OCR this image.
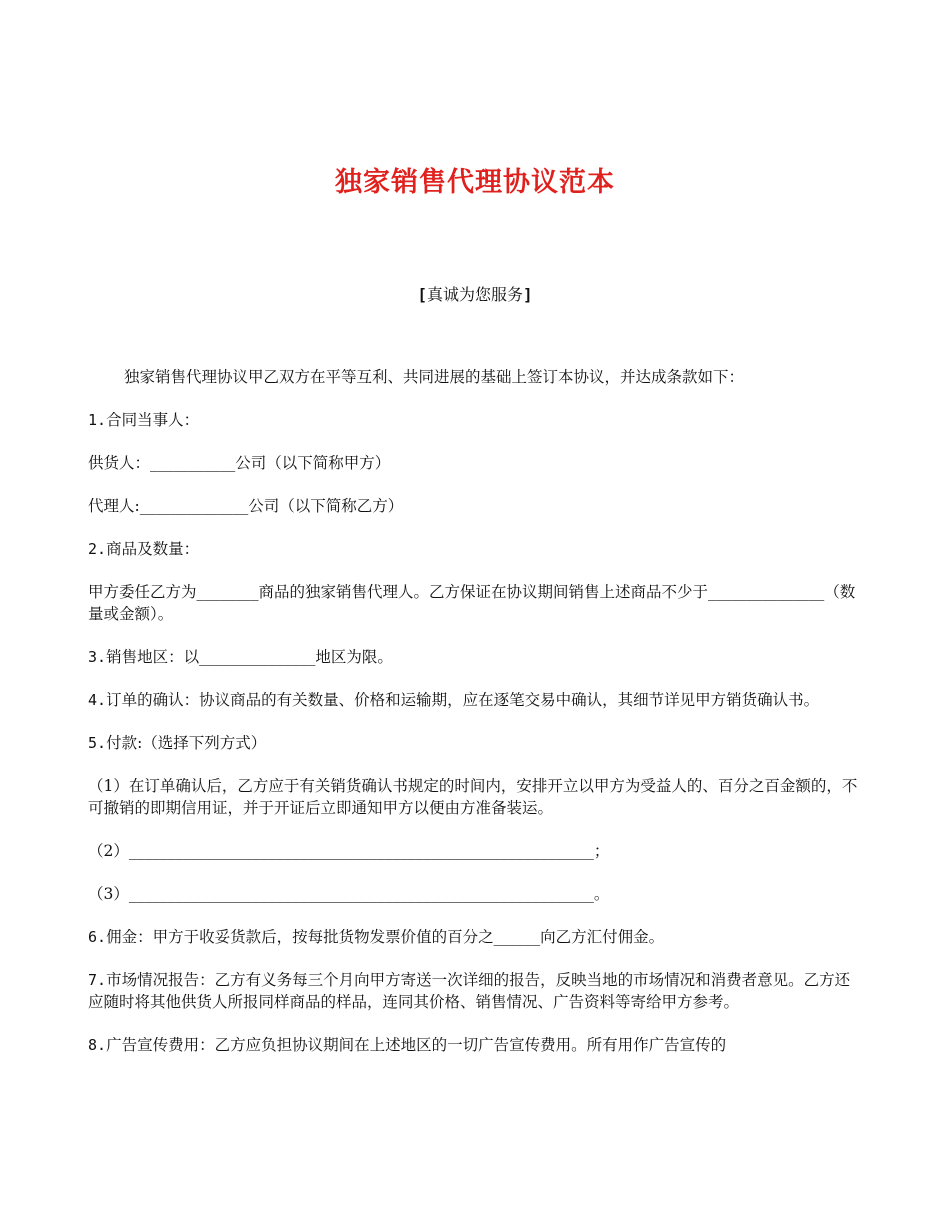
独家销售代理协议范本
[真诚为您服务]

独家销售代理协议甲乙双方在平等互利、共同进展的基础上签订本协议，并达成条款如下：

1.合同当事人：

供货人：___________公司（以下简称甲方）

代理人:______________公司（以下简称乙方）

2.商品及数量：

甲方委任乙方为________商品的独家销售代理人。乙方保证在协议期间销售上述商品不少于_______________（数量或金额）。

3.销售地区：以_______________地区为限。

4.订单的确认：协议商品的有关数量、价格和运输期，应在逐笔交易中确认，其细节详见甲方销货确认书。

5.付款:（选择下列方式）

（1）在订单确认后，乙方应于有关销货确认书规定的时间内，安排开立以甲方为受益人的、百分之百金额的，不可撤销的即期信用证，并于开证后立即通知甲方以便由方准备装运。

（2）____________________________________________________________；

（3）____________________________________________________________。

6.佣金：甲方于收妥货款后，按每批货物发票价值的百分之______向乙方汇付佣金。

7.市场情况报告：乙方有义务每三个月向甲方寄送一次详细的报告，反映当地的市场情况和消费者意见。乙方还应随时将其他供货人所报同样商品的样品，连同其价格、销售情况、广告资料等寄给甲方参考。

8.广告宣传费用：乙方应负担协议期间在上述地区的一切广告宣传费用。所有用作广告宣传的
